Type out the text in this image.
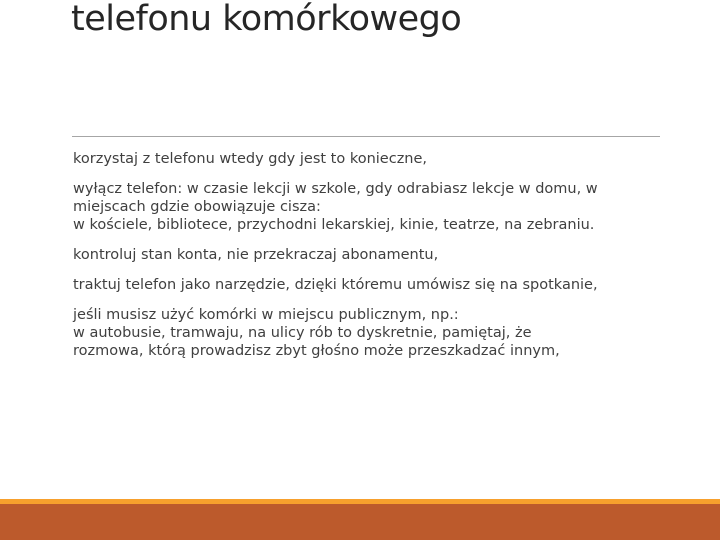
telefonu komórkowego
korzystaj z telefonu wtedy gdy jest to konieczne,
wyłącz telefon: w czasie lekcji w szkole, gdy odrabiasz lekcje w domu, w
miejscach gdzie obowiązuje cisza:
w kościele, bibliotece, przychodni lekarskiej, kinie, teatrze, na zebraniu.
kontroluj stan konta, nie przekraczaj abonamentu,
traktuj telefon jako narzędzie, dzięki któremu umówisz się na spotkanie,
jeśli musisz użyć komórki w miejscu publicznym, np.:
w autobusie, tramwaju, na ulicy rób to dyskretnie, pamiętaj, że
rozmowa, którą prowadzisz zbyt głośno może przeszkadzać innym,
